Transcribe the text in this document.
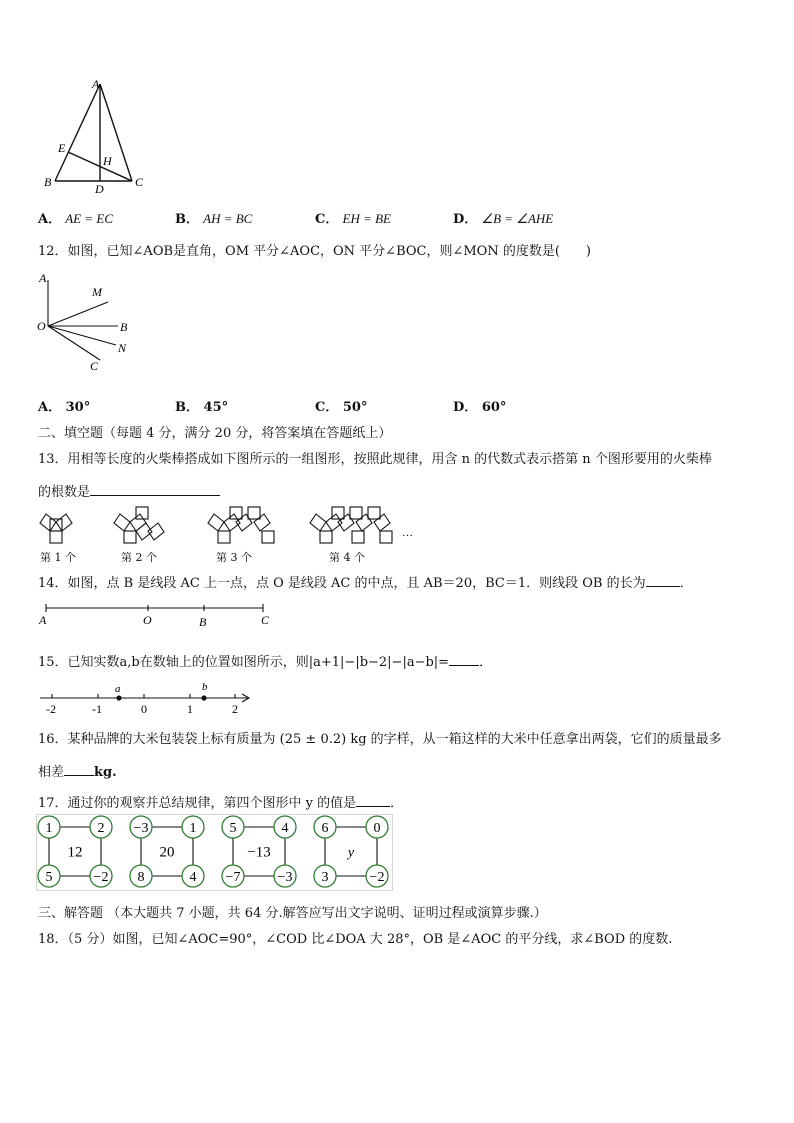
A
E
H
B	D	C
A． AE = EC	B． AH = BC	C． EH = BE	D． ∠B = ∠AHE
12．如图，已知∠AOB是直角，OM 平分∠AOC，ON 平分∠BOC，则∠MON 的度数是(　　)
A
M
O	B
N
C
A． 30°	B． 45°	C． 50°	D． 60°
二、填空题（每题 4 分，满分 20 分，将答案填在答题纸上）
13．用相等长度的火柴棒搭成如下图所示的一组图形，按照此规律，用含 n 的代数式表示搭第 n 个图形要用的火柴棒
的根数是
…
第 1 个	第 2 个	第 3 个	第 4 个
14．如图，点 B 是线段 AC 上一点，点 O 是线段 AC 的中点，且 AB＝20，BC＝1．则线段 OB 的长为	．
A	O	B	C
15．已知实数a,b在数轴上的位置如图所示，则|a+1|−|b−2|−|a−b|= ．
a	b
-2	-1	0	1	2
16．某种品牌的大米包装袋上标有质量为 (25 ± 0.2) kg 的字样，从一箱这样的大米中任意拿出两袋，它们的质量最多
相差 kg.
17．通过你的观察并总结规律，第四个图形中 y 的值是	．
1	2
5	−2
12
−3	1
8	4
20
5	4
−7	−3
−13
6	0
3	−2
y
三、解答题 （本大题共 7 小题，共 64 分.解答应写出文字说明、证明过程或演算步骤.）
18．（5 分）如图，已知∠AOC=90°，∠COD 比∠DOA 大 28°，OB 是∠AOC 的平分线，求∠BOD 的度数.
